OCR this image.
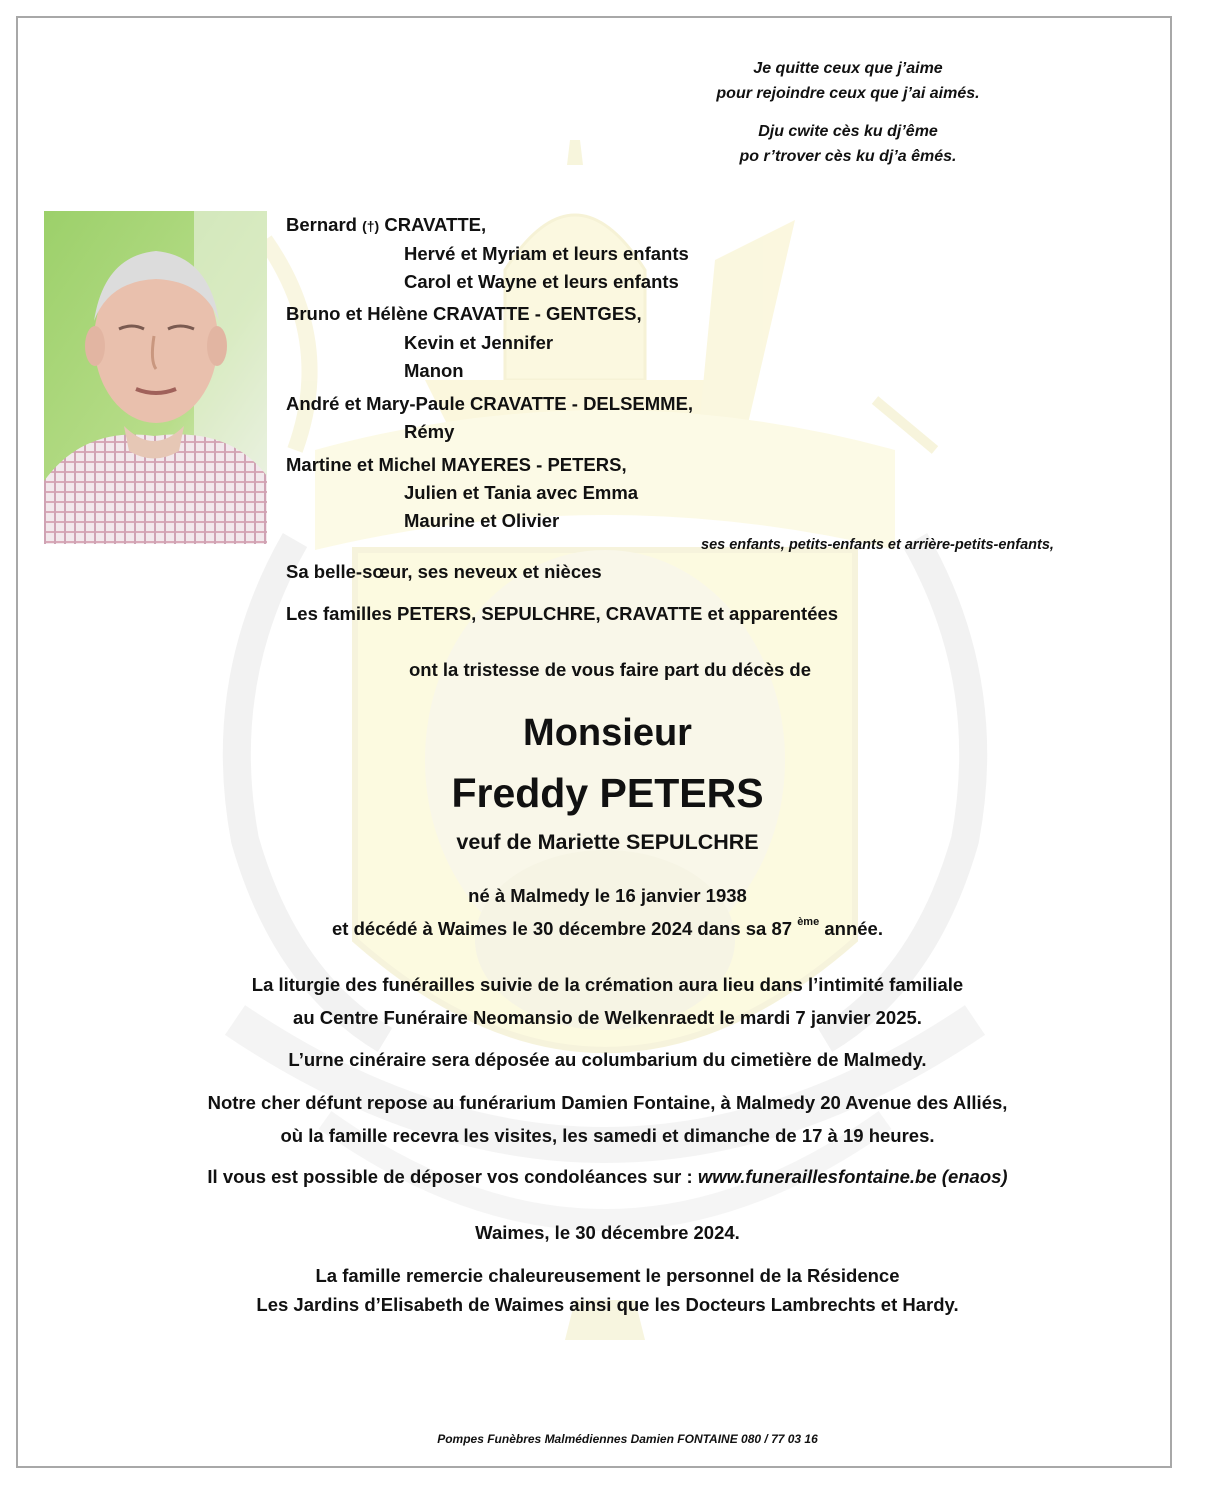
Je quitte ceux que j’aime
pour rejoindre ceux que j’ai aimés.
Dju cwite cès ku dj’ême
po r’trover cès ku dj’a êmés.
Bernard (†) CRAVATTE,
Hervé et Myriam et leurs enfants
Carol et Wayne et leurs enfants
Bruno et Hélène CRAVATTE - GENTGES,
Kevin et Jennifer
Manon
André et Mary-Paule CRAVATTE - DELSEMME,
Rémy
Martine et Michel MAYERES - PETERS,
Julien et Tania avec Emma
Maurine et Olivier
ses enfants, petits-enfants et arrière-petits-enfants,
Sa belle-sœur, ses neveux et nièces
Les familles PETERS, SEPULCHRE, CRAVATTE et apparentées
ont la tristesse de vous faire part du décès de
Monsieur
Freddy PETERS
veuf de Mariette SEPULCHRE
né à Malmedy le 16 janvier 1938
et décédé à Waimes le 30 décembre 2024 dans sa 87 $^{ème}$ année.
La liturgie des funérailles suivie de la crémation aura lieu dans l’intimité familiale
au Centre Funéraire Neomansio de Welkenraedt le mardi 7 janvier 2025.
L’urne cinéraire sera déposée au columbarium du cimetière de Malmedy.
Notre cher défunt repose au funérarium Damien Fontaine, à Malmedy 20 Avenue des Alliés,
où la famille recevra les visites, les samedi et dimanche de 17 à 19 heures.
Il vous est possible de déposer vos condoléances sur : www.funeraillesfontaine.be (enaos)
Waimes, le 30 décembre 2024.
La famille remercie chaleureusement le personnel de la Résidence
Les Jardins d’Elisabeth de Waimes ainsi que les Docteurs Lambrechts et Hardy.
Pompes Funèbres Malmédiennes Damien FONTAINE 080 / 77 03 16
